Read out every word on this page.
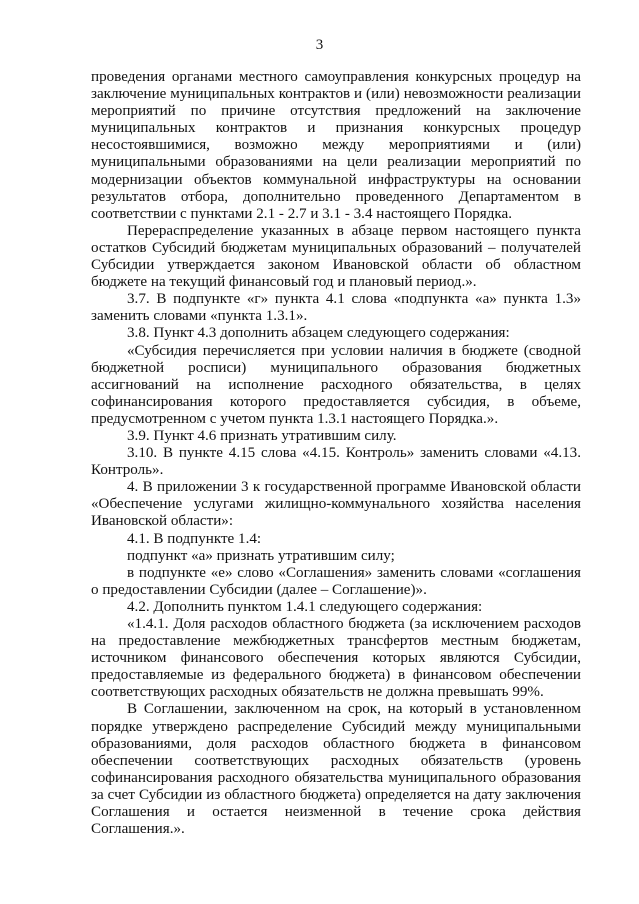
3

проведения органами местного самоуправления конкурсных процедур на заключение муниципальных контрактов и (или) невозможности реализации мероприятий по причине отсутствия предложений на заключение муниципальных контрактов и признания конкурсных процедур несостоявшимися, возможно между мероприятиями и (или) муниципальными образованиями на цели реализации мероприятий по модернизации объектов коммунальной инфраструктуры на основании результатов отбора, дополнительно проведенного Департаментом в соответствии с пунктами 2.1 - 2.7 и 3.1 - 3.4 настоящего Порядка.

Перераспределение указанных в абзаце первом настоящего пункта остатков Субсидий бюджетам муниципальных образований – получателей Субсидии утверждается законом Ивановской области об областном бюджете на текущий финансовый год и плановый период.».

3.7. В подпункте «г» пункта 4.1 слова «подпункта «а» пункта 1.3» заменить словами «пункта 1.3.1».

3.8. Пункт 4.3 дополнить абзацем следующего содержания:

«Субсидия перечисляется при условии наличия в бюджете (сводной бюджетной росписи) муниципального образования бюджетных ассигнований на исполнение расходного обязательства, в целях софинансирования которого предоставляется субсидия, в объеме, предусмотренном с учетом пункта 1.3.1 настоящего Порядка.».

3.9. Пункт 4.6 признать утратившим силу.

3.10. В пункте 4.15 слова «4.15. Контроль» заменить словами «4.13. Контроль».

4. В приложении 3 к государственной программе Ивановской области «Обеспечение услугами жилищно-коммунального хозяйства населения Ивановской области»:

4.1. В подпункте 1.4:

подпункт «а» признать утратившим силу;

в подпункте «е» слово «Соглашения» заменить словами «соглашения о предоставлении Субсидии (далее – Соглашение)».

4.2. Дополнить пунктом 1.4.1 следующего содержания:

«1.4.1. Доля расходов областного бюджета (за исключением расходов на предоставление межбюджетных трансфертов местным бюджетам, источником финансового обеспечения которых являются Субсидии, предоставляемые из федерального бюджета) в финансовом обеспечении соответствующих расходных обязательств не должна превышать 99%.

В Соглашении, заключенном на срок, на который в установленном порядке утверждено распределение Субсидий между муниципальными образованиями, доля расходов областного бюджета в финансовом обеспечении соответствующих расходных обязательств (уровень софинансирования расходного обязательства муниципального образования за счет Субсидии из областного бюджета) определяется на дату заключения Соглашения и остается неизменной в течение срока действия Соглашения.».
